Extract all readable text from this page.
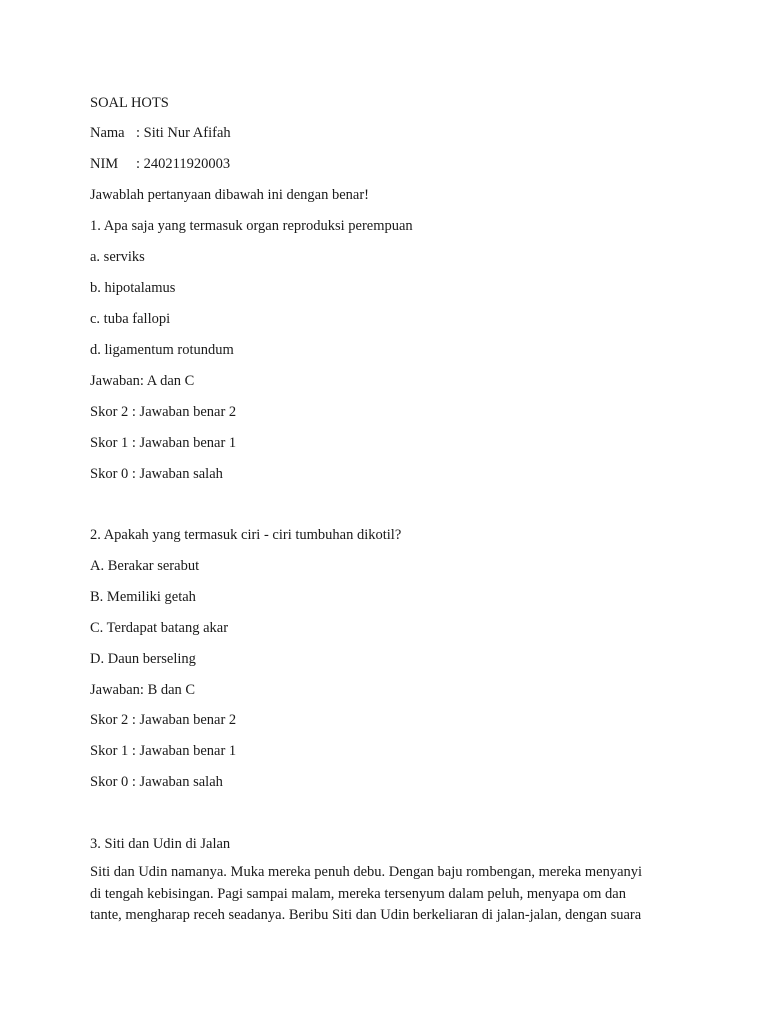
SOAL HOTS
Nama : Siti Nur Afifah
NIM : 240211920003
Jawablah pertanyaan dibawah ini dengan benar!
1. Apa saja yang termasuk organ reproduksi perempuan
a. serviks
b. hipotalamus
c. tuba fallopi
d. ligamentum rotundum
Jawaban: A dan C
Skor 2 : Jawaban benar 2
Skor 1 : Jawaban benar 1
Skor 0 : Jawaban salah
2. Apakah yang termasuk ciri - ciri tumbuhan dikotil?
A. Berakar serabut
B. Memiliki getah
C. Terdapat batang akar
D. Daun berseling
Jawaban: B dan C
Skor 2 : Jawaban benar 2
Skor 1 : Jawaban benar 1
Skor 0 : Jawaban salah
3. Siti dan Udin di Jalan
Siti dan Udin namanya. Muka mereka penuh debu. Dengan baju rombengan, mereka menyanyi
di tengah kebisingan. Pagi sampai malam, mereka tersenyum dalam peluh, menyapa om dan
tante, mengharap receh seadanya. Beribu Siti dan Udin berkeliaran di jalan-jalan, dengan suara
